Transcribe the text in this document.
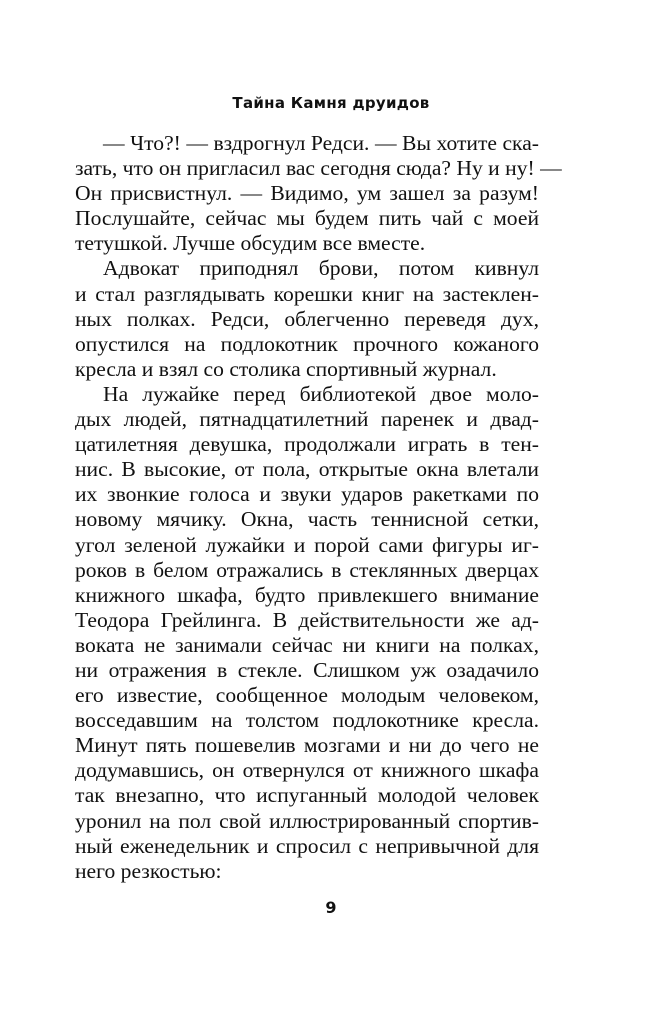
Тайна Камня друидов
— Что?! — вздрогнул Редси. — Вы хотите ска-
зать, что он пригласил вас сегодня сюда? Ну и ну! —
Он присвистнул. — Видимо, ум зашел за разум!
Послушайте, сейчас мы будем пить чай с моей
тетушкой. Лучше обсудим все вместе.
Адвокат приподнял брови, потом кивнул
и стал разглядывать корешки книг на застеклен-
ных полках. Редси, облегченно переведя дух,
опустился на подлокотник прочного кожаного
кресла и взял со столика спортивный журнал.
На лужайке перед библиотекой двое моло-
дых людей, пятнадцатилетний паренек и двад-
цатилетняя девушка, продолжали играть в тен-
нис. В высокие, от пола, открытые окна влетали
их звонкие голоса и звуки ударов ракетками по
новому мячику. Окна, часть теннисной сетки,
угол зеленой лужайки и порой сами фигуры иг-
роков в белом отражались в стеклянных дверцах
книжного шкафа, будто привлекшего внимание
Теодора Грейлинга. В действительности же ад-
воката не занимали сейчас ни книги на полках,
ни отражения в стекле. Слишком уж озадачило
его известие, сообщенное молодым человеком,
восседавшим на толстом подлокотнике кресла.
Минут пять пошевелив мозгами и ни до чего не
додумавшись, он отвернулся от книжного шкафа
так внезапно, что испуганный молодой человек
уронил на пол свой иллюстрированный спортив-
ный еженедельник и спросил с непривычной для
него резкостью:
9
